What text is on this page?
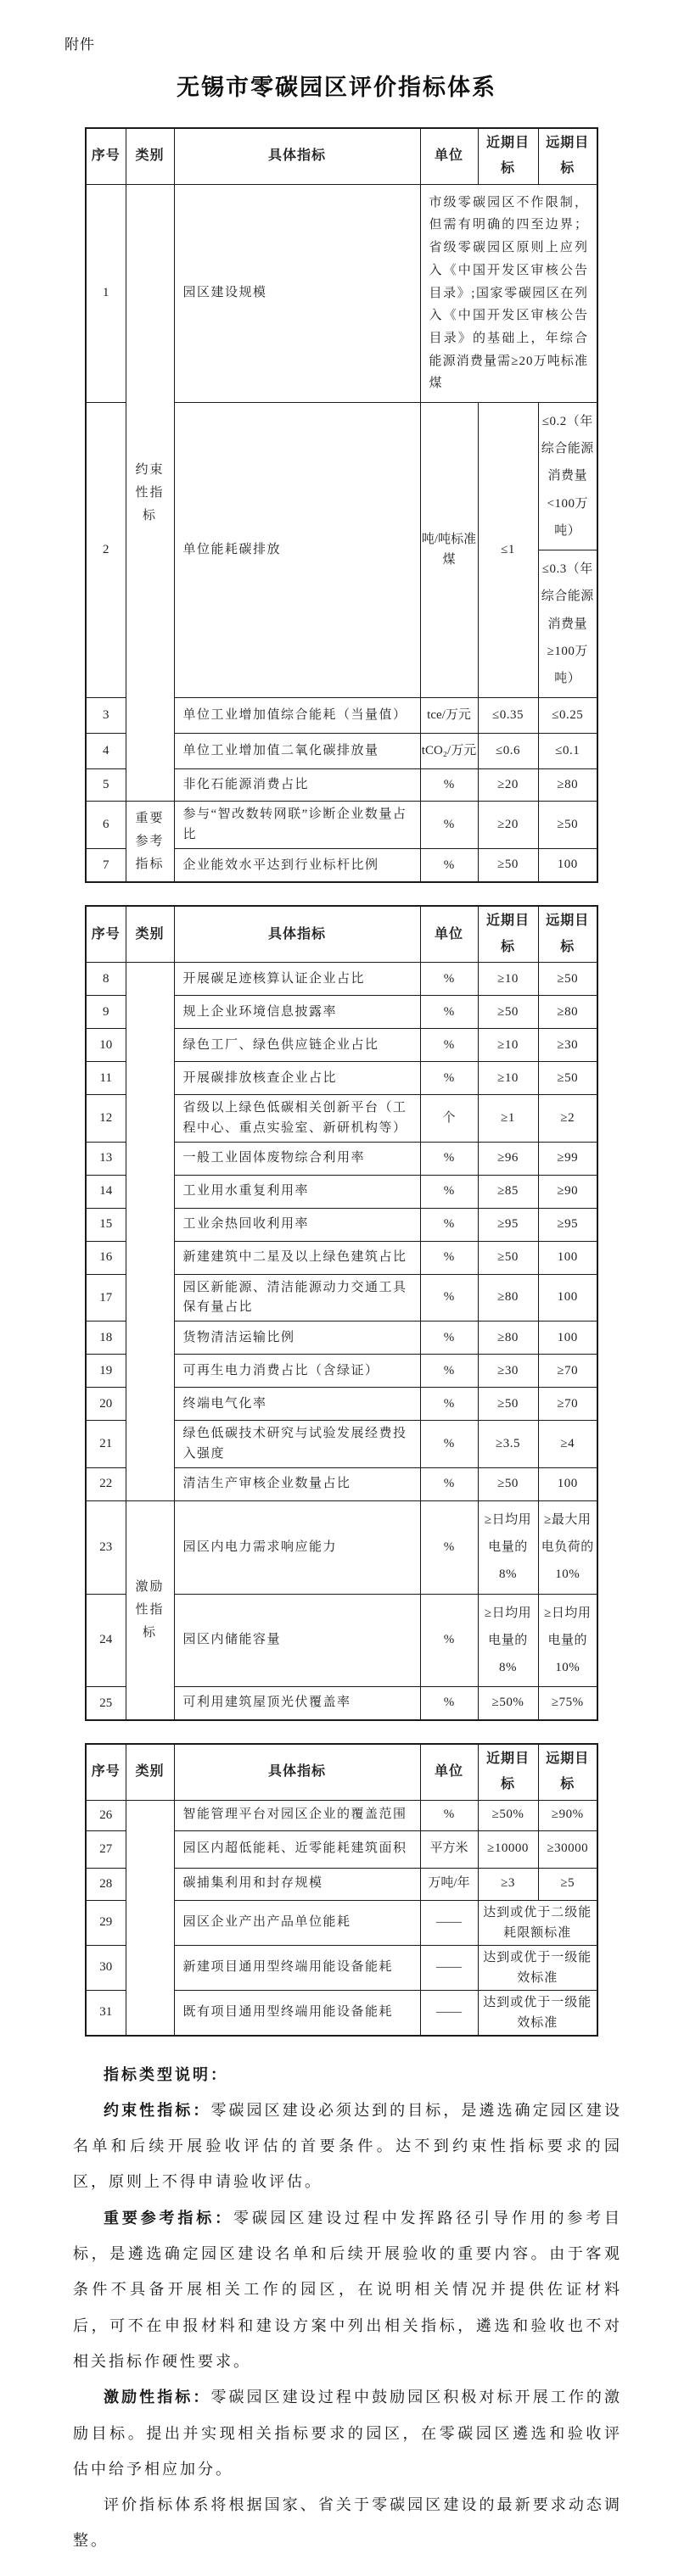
附件
无锡市零碳园区评价指标体系
序号	类别	具体指标	单位	近期目标	远期目标
1	约束性指标	园区建设规模	市级零碳园区不作限制，但需有明确的四至边界；省级零碳园区原则上应列入《中国开发区审核公告目录》;国家零碳园区在列入《中国开发区审核公告目录》的基础上，年综合能源消费量需≥20万吨标准煤		
2		单位能耗碳排放	吨/吨标准煤	≤1	≤0.2（年综合能源消费量<100万吨）
					≤0.3（年综合能源消费量≥100万吨）
3		单位工业增加值综合能耗（当量值）	tce/万元	≤0.35	≤0.25
4		单位工业增加值二氧化碳排放量	tCO₂/万元	≤0.6	≤0.1
5		非化石能源消费占比	%	≥20	≥80
6	重要参考指标	参与“智改数转网联”诊断企业数量占比	%	≥20	≥50
7		企业能效水平达到行业标杆比例	%	≥50	100
序号	类别	具体指标	单位	近期目标	远期目标
8		开展碳足迹核算认证企业占比	%	≥10	≥50
9		规上企业环境信息披露率	%	≥50	≥80
10		绿色工厂、绿色供应链企业占比	%	≥10	≥30
11		开展碳排放核查企业占比	%	≥10	≥50
12		省级以上绿色低碳相关创新平台（工程中心、重点实验室、新研机构等）	个	≥1	≥2
13		一般工业固体废物综合利用率	%	≥96	≥99
14		工业用水重复利用率	%	≥85	≥90
15		工业余热回收利用率	%	≥95	≥95
16		新建建筑中二星及以上绿色建筑占比	%	≥50	100
17		园区新能源、清洁能源动力交通工具保有量占比	%	≥80	100
18		货物清洁运输比例	%	≥80	100
19		可再生电力消费占比（含绿证）	%	≥30	≥70
20		终端电气化率	%	≥50	≥70
21		绿色低碳技术研究与试验发展经费投入强度	%	≥3.5	≥4
22		清洁生产审核企业数量占比	%	≥50	100
23	激励性指标	园区内电力需求响应能力	%	≥日均用电量的8%	≥最大用电负荷的10%
24		园区内储能容量	%	≥日均用电量的8%	≥日均用电量的10%
25		可利用建筑屋顶光伏覆盖率	%	≥50%	≥75%
序号	类别	具体指标	单位	近期目标	远期目标
26		智能管理平台对园区企业的覆盖范围	%	≥50%	≥90%
27		园区内超低能耗、近零能耗建筑面积	平方米	≥10000	≥30000
28		碳捕集利用和封存规模	万吨/年	≥3	≥5
29		园区企业产出产品单位能耗	——	达到或优于二级能耗限额标准	
30		新建项目通用型终端用能设备能耗	——	达到或优于一级能效标准	
31		既有项目通用型终端用能设备能耗	——	达到或优于一级能效标准	

指标类型说明：

约束性指标：零碳园区建设必须达到的目标，是遴选确定园区建设名单和后续开展验收评估的首要条件。达不到约束性指标要求的园区，原则上不得申请验收评估。

重要参考指标：零碳园区建设过程中发挥路径引导作用的参考目标，是遴选确定园区建设名单和后续开展验收的重要内容。由于客观条件不具备开展相关工作的园区，在说明相关情况并提供佐证材料后，可不在申报材料和建设方案中列出相关指标，遴选和验收也不对相关指标作硬性要求。

激励性指标：零碳园区建设过程中鼓励园区积极对标开展工作的激励目标。提出并实现相关指标要求的园区，在零碳园区遴选和验收评估中给予相应加分。

评价指标体系将根据国家、省关于零碳园区建设的最新要求动态调整。
